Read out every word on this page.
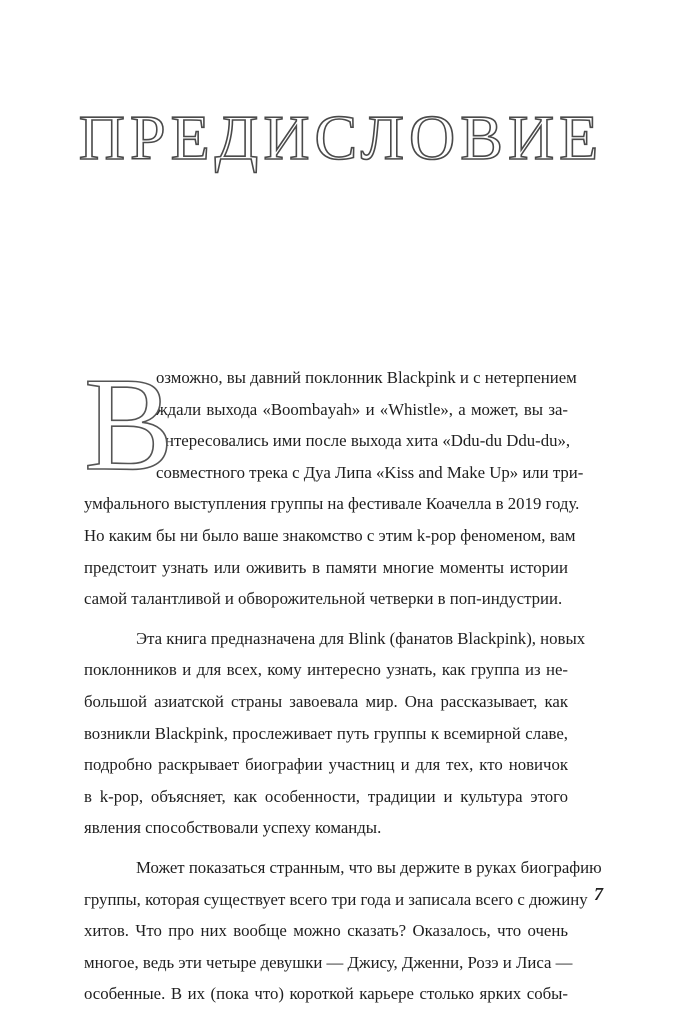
ПРЕДИСЛОВИЕ
В
озможно, вы давний поклонник Blackpink и с нетерпением
ждали выхода «Boombayah» и «Whistle», а может, вы за-
интересовались ими после выхода хита «Ddu-du Ddu-du»,
совместного трека с Дуа Липа «Kiss and Make Up» или три-
умфального выступления группы на фестивале Коачелла в 2019 году.
Но каким бы ни было ваше знакомство с этим k-pop феноменом, вам
предстоит узнать или оживить в памяти многие моменты истории
самой талантливой и обворожительной четверки в поп-индустрии.
Эта книга предназначена для Blink (фанатов Blackpink), новых
поклонников и для всех, кому интересно узнать, как группа из не-
большой азиатской страны завоевала мир. Она рассказывает, как
возникли Blackpink, прослеживает путь группы к всемирной славе,
подробно раскрывает биографии участниц и для тех, кто новичок
в k-pop, объясняет, как особенности, традиции и культура этого
явления способствовали успеху команды.
Может показаться странным, что вы держите в руках биографию
группы, которая существует всего три года и записала всего с дюжину
хитов. Что про них вообще можно сказать? Оказалось, что очень
многое, ведь эти четыре девушки — Джису, Дженни, Розэ и Лиса —
особенные. В их (пока что) короткой карьере столько ярких собы-
7
